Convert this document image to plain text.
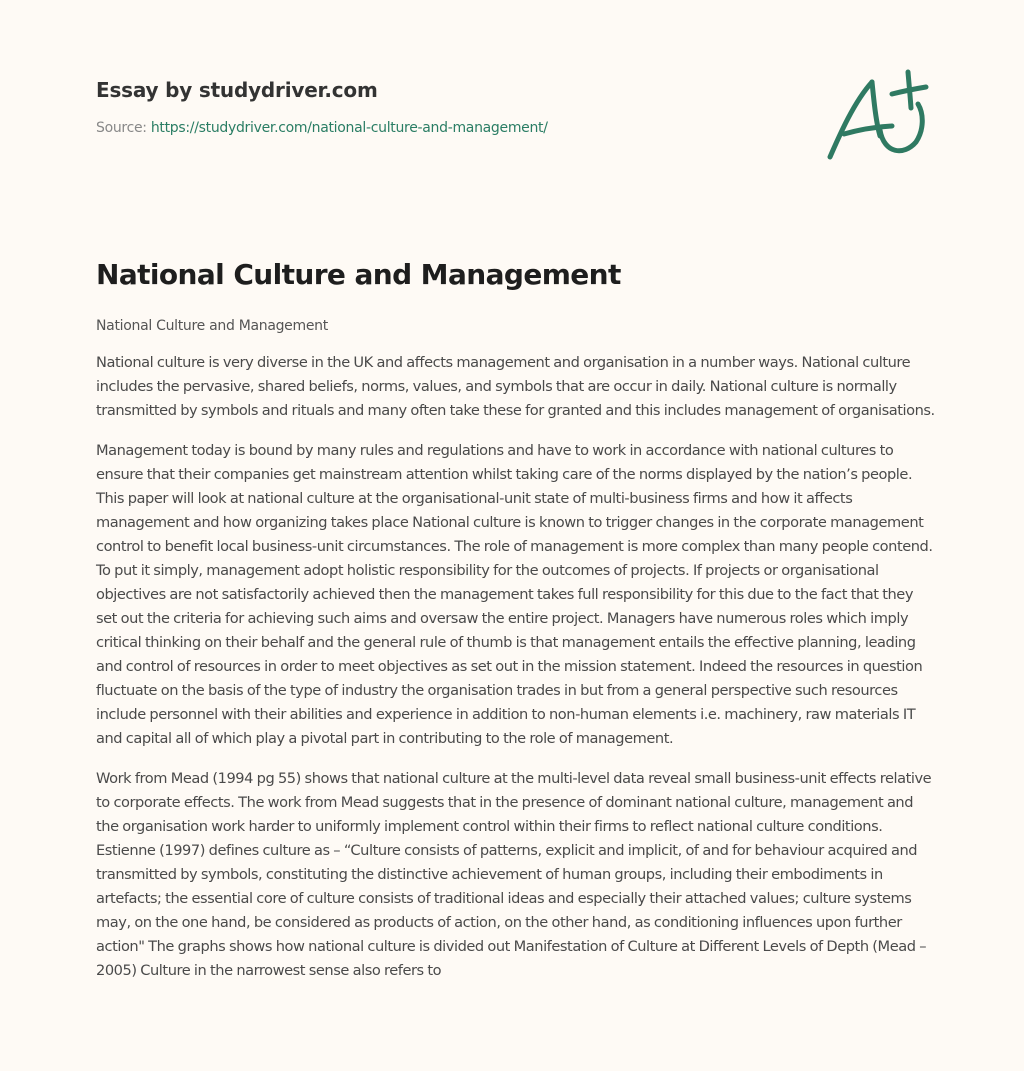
Essay by studydriver.com
Source: https://studydriver.com/national-culture-and-management/
National Culture and Management
National Culture and Management

National culture is very diverse in the UK and affects management and organisation in a number ways. National culture includes the pervasive, shared beliefs, norms, values, and symbols that are occur in daily. National culture is normally transmitted by symbols and rituals and many often take these for granted and this includes management of organisations.

Management today is bound by many rules and regulations and have to work in accordance with national cultures to ensure that their companies get mainstream attention whilst taking care of the norms displayed by the nation’s people. This paper will look at national culture at the organisational-unit state of multi-business firms and how it affects management and how organizing takes place National culture is known to trigger changes in the corporate management control to benefit local business-unit circumstances. The role of management is more complex than many people contend. To put it simply, management adopt holistic responsibility for the outcomes of projects. If projects or organisational objectives are not satisfactorily achieved then the management takes full responsibility for this due to the fact that they set out the criteria for achieving such aims and oversaw the entire project. Managers have numerous roles which imply critical thinking on their behalf and the general rule of thumb is that management entails the effective planning, leading and control of resources in order to meet objectives as set out in the mission statement. Indeed the resources in question fluctuate on the basis of the type of industry the organisation trades in but from a general perspective such resources include personnel with their abilities and experience in addition to non-human elements i.e. machinery, raw materials IT and capital all of which play a pivotal part in contributing to the role of management.

Work from Mead (1994 pg 55) shows that national culture at the multi-level data reveal small business-unit effects relative to corporate effects. The work from Mead suggests that in the presence of dominant national culture, management and the organisation work harder to uniformly implement control within their firms to reflect national culture conditions. Estienne (1997) defines culture as – “Culture consists of patterns, explicit and implicit, of and for behaviour acquired and transmitted by symbols, constituting the distinctive achievement of human groups, including their embodiments in artefacts; the essential core of culture consists of traditional ideas and especially their attached values; culture systems may, on the one hand, be considered as products of action, on the other hand, as conditioning influences upon further action" The graphs shows how national culture is divided out Manifestation of Culture at Different Levels of Depth (Mead – 2005) Culture in the narrowest sense also refers to
